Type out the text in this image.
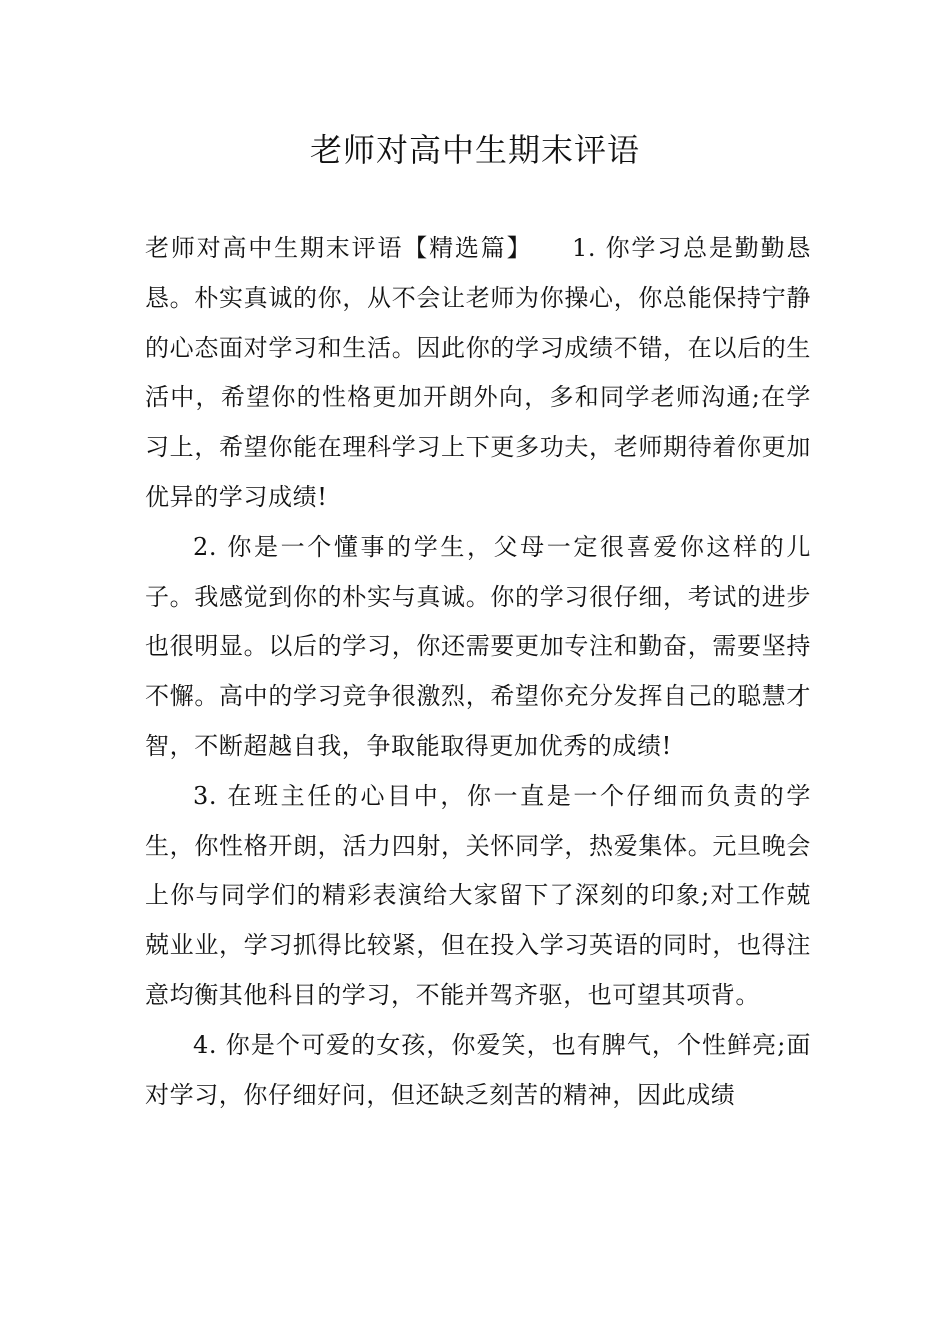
老师对高中生期末评语

老师对高中生期末评语【精选篇】　　1. 你学习总是勤勤恳恳。朴实真诚的你，从不会让老师为你操心，你总能保持宁静的心态面对学习和生活。因此你的学习成绩不错，在以后的生活中，希望你的性格更加开朗外向，多和同学老师沟通;在学习上，希望你能在理科学习上下更多功夫，老师期待着你更加优异的学习成绩!

2. 你是一个懂事的学生，父母一定很喜爱你这样的儿子。我感觉到你的朴实与真诚。你的学习很仔细，考试的进步也很明显。以后的学习，你还需要更加专注和勤奋，需要坚持不懈。高中的学习竞争很激烈，希望你充分发挥自己的聪慧才智，不断超越自我，争取能取得更加优秀的成绩!

3. 在班主任的心目中，你一直是一个仔细而负责的学生，你性格开朗，活力四射，关怀同学，热爱集体。元旦晚会上你与同学们的精彩表演给大家留下了深刻的印象;对工作兢兢业业，学习抓得比较紧，但在投入学习英语的同时，也得注意均衡其他科目的学习，不能并驾齐驱，也可望其项背。

4. 你是个可爱的女孩，你爱笑，也有脾气，个性鲜亮;面对学习，你仔细好问，但还缺乏刻苦的精神，因此成绩
